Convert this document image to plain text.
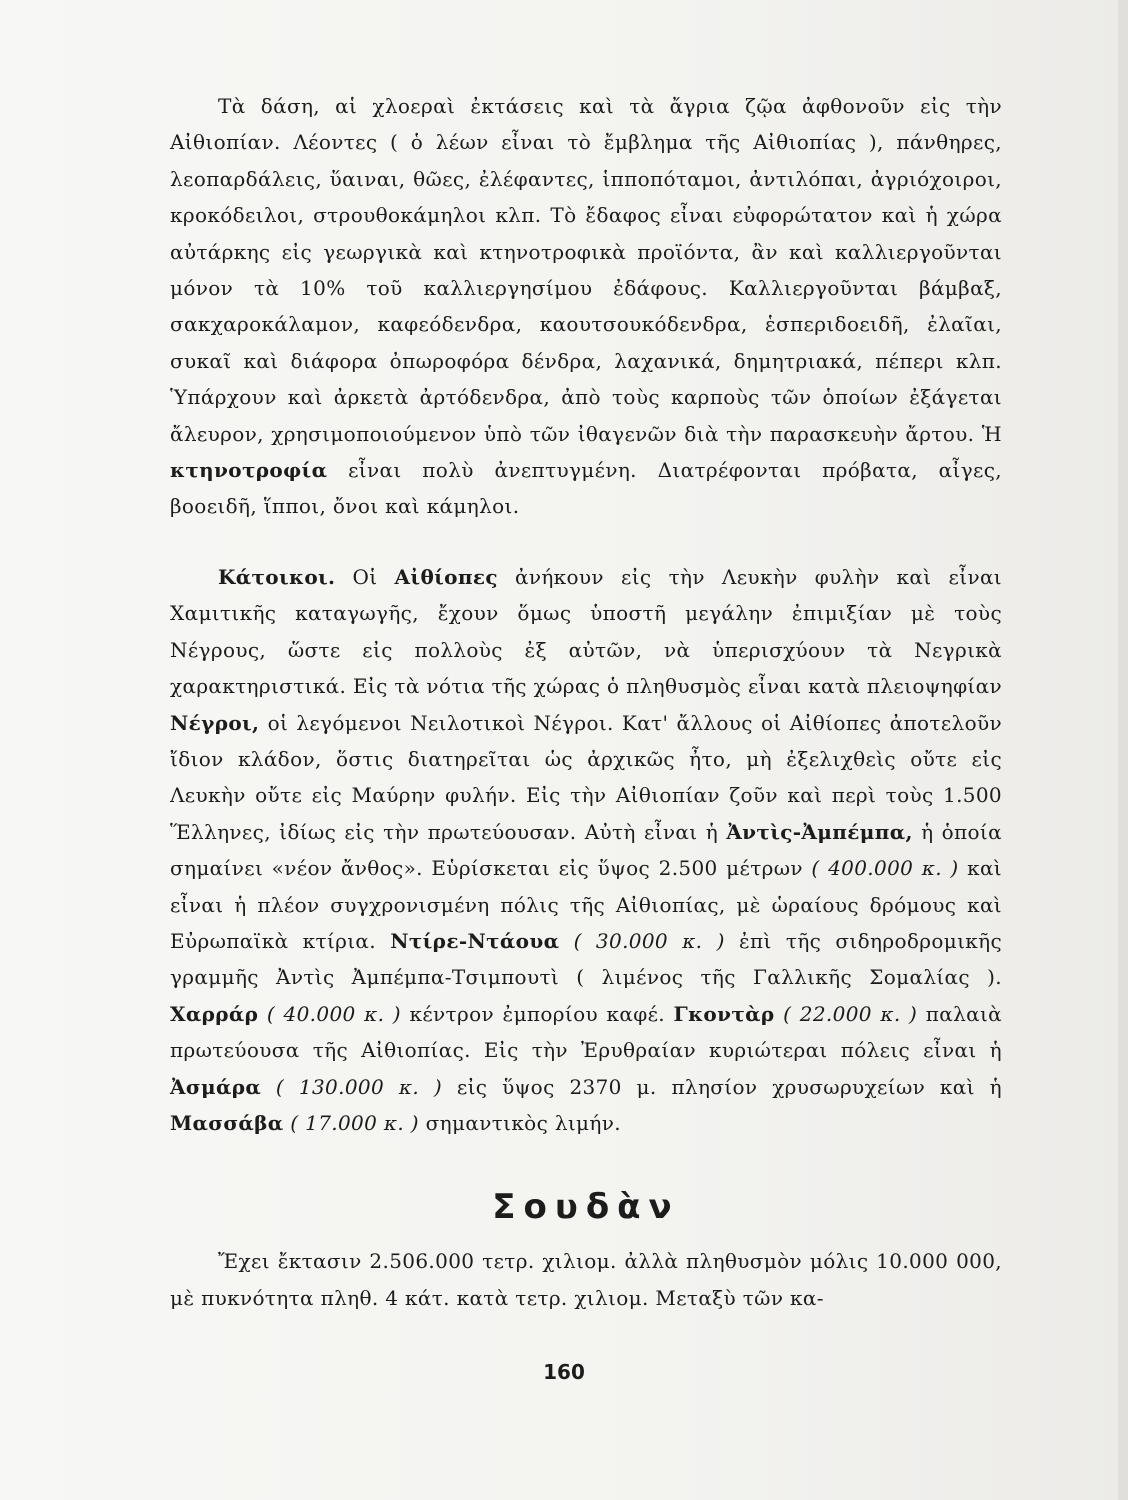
Τὰ δάση, αἱ χλοεραὶ ἐκτάσεις καὶ τὰ ἄγρια ζῷα ἀφθονοῦν εἰς τὴν Αἰθιοπίαν. Λέοντες ( ὁ λέων εἶναι τὸ ἔμβλημα τῆς Αἰθιοπίας ), πάνθηρες, λεοπαρδάλεις, ὕαιναι, θῶες, ἐλέφαντες, ἱπποπόταμοι, ἀντιλόπαι, ἀγριόχοιροι, κροκόδειλοι, στρουθοκάμηλοι κλπ. Τὸ ἔδαφος εἶναι εὐφορώτατον καὶ ἡ χώρα αὐτάρκης εἰς γεωργικὰ καὶ κτηνοτροφικὰ προϊόντα, ἂν καὶ καλλιεργοῦνται μόνον τὰ 10% τοῦ καλλιεργησίμου ἐδάφους. Καλλιεργοῦνται βάμβαξ, σακχαροκάλαμον, καφεόδενδρα, καουτσουκόδενδρα, ἑσπεριδοειδῆ, ἐλαῖαι, συκαῖ καὶ διάφορα ὀπωροφόρα δένδρα, λαχανικά, δημητριακά, πέπερι κλπ. Ὑπάρχουν καὶ ἀρκετὰ ἀρτόδενδρα, ἀπὸ τοὺς καρποὺς τῶν ὁποίων ἐξάγεται ἄλευρον, χρησιμοποιούμενον ὑπὸ τῶν ἰθαγενῶν διὰ τὴν παρασκευὴν ἄρτου. Ἡ κτηνοτροφία εἶναι πολὺ ἀνεπτυγμένη. Διατρέφονται πρόβατα, αἶγες, βοοειδῆ, ἵπποι, ὄνοι καὶ κάμηλοι.

Κάτοικοι. Οἱ Αἰθίοπες ἀνήκουν εἰς τὴν Λευκὴν φυλὴν καὶ εἶναι Χαμιτικῆς καταγωγῆς, ἔχουν ὅμως ὑποστῆ μεγάλην ἐπιμιξίαν μὲ τοὺς Νέγρους, ὥστε εἰς πολλοὺς ἐξ αὐτῶν, νὰ ὑπερισχύουν τὰ Νεγρικὰ χαρακτηριστικά. Εἰς τὰ νότια τῆς χώρας ὁ πληθυσμὸς εἶναι κατὰ πλειοψηφίαν Νέγροι, οἱ λεγόμενοι Νειλοτικοὶ Νέγροι. Κατ' ἄλλους οἱ Αἰθίοπες ἀποτελοῦν ἴδιον κλάδον, ὅστις διατηρεῖται ὡς ἀρχικῶς ἦτο, μὴ ἐξελιχθεὶς οὔτε εἰς Λευκὴν οὔτε εἰς Μαύρην φυλήν. Εἰς τὴν Αἰθιοπίαν ζοῦν καὶ περὶ τοὺς 1.500 Ἕλληνες, ἰδίως εἰς τὴν πρωτεύουσαν. Αὐτὴ εἶναι ἡ Ἀντὶς-Ἀμπέμπα, ἡ ὁποία σημαίνει «νέον ἄνθος». Εὑρίσκεται εἰς ὕψος 2.500 μέτρων ( 400.000 κ. ) καὶ εἶναι ἡ πλέον συγχρονισμένη πόλις τῆς Αἰθιοπίας, μὲ ὡραίους δρόμους καὶ Εὐρωπαϊκὰ κτίρια. Ντίρε-Ντάουα ( 30.000 κ. ) ἐπὶ τῆς σιδηροδρομικῆς γραμμῆς Ἀντὶς Ἀμπέμπα-Τσιμπουτὶ ( λιμένος τῆς Γαλλικῆς Σομαλίας ). Χαρράρ ( 40.000 κ. ) κέντρον ἐμπορίου καφέ. Γκοντὰρ ( 22.000 κ. ) παλαιὰ πρωτεύουσα τῆς Αἰθιοπίας. Εἰς τὴν Ἐρυθραίαν κυριώτεραι πόλεις εἶναι ἡ Ἀσμάρα ( 130.000 κ. ) εἰς ὕψος 2370 μ. πλησίον χρυσωρυχείων καὶ ἡ Μασσάβα ( 17.000 κ. ) σημαντικὸς λιμήν.

Σουδὰν

Ἔχει ἔκτασιν 2.506.000 τετρ. χιλιομ. ἀλλὰ πληθυσμὸν μόλις 10.000 000, μὲ πυκνότητα πληθ. 4 κάτ. κατὰ τετρ. χιλιομ. Μεταξὺ τῶν κα-

160
